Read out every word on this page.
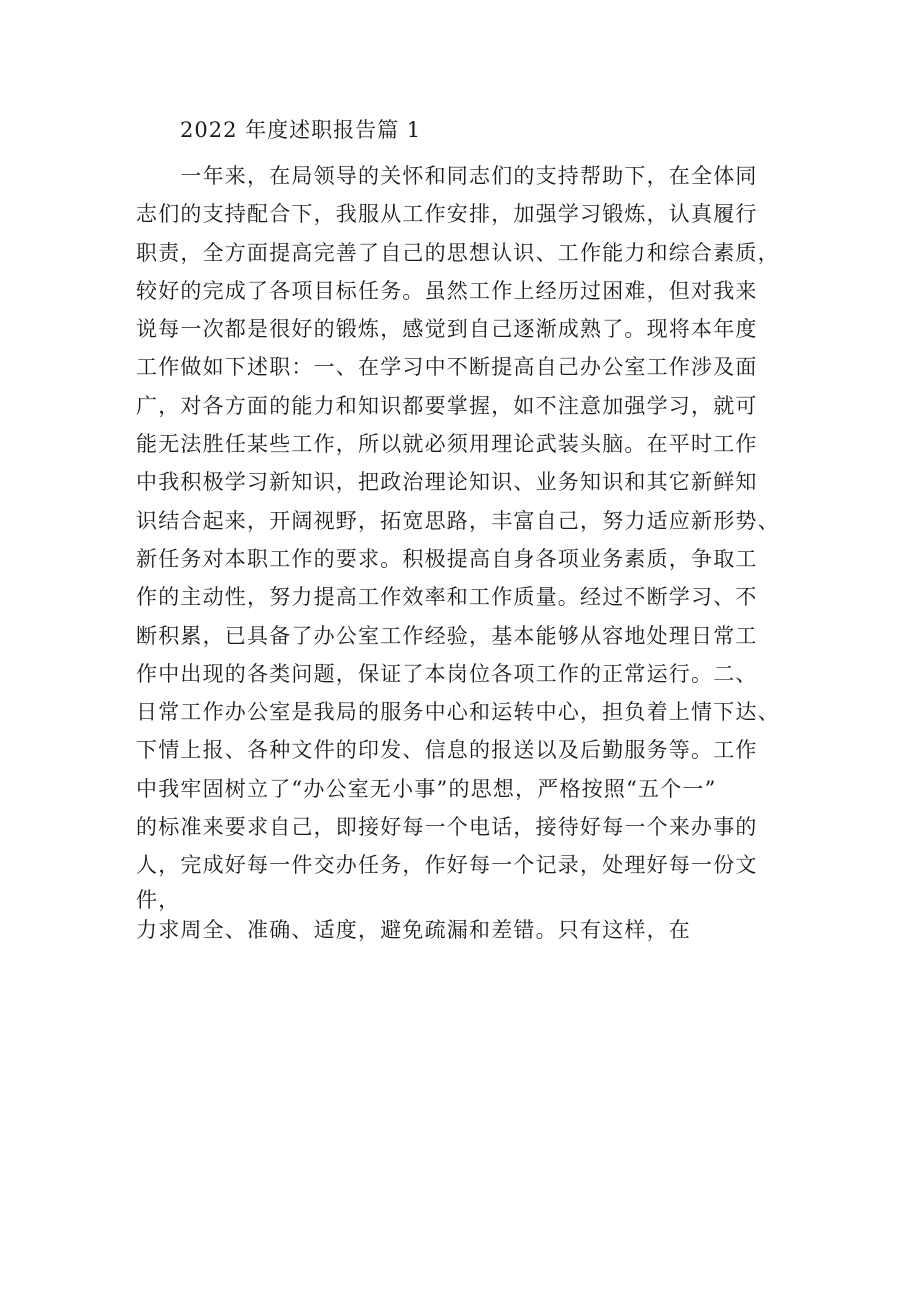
2022 年度述职报告篇 1
　　一年来，在局领导的关怀和同志们的支持帮助下，在全体同
志们的支持配合下，我服从工作安排，加强学习锻炼，认真履行
职责，全方面提高完善了自己的思想认识、工作能力和综合素质，
较好的完成了各项目标任务。虽然工作上经历过困难，但对我来
说每一次都是很好的锻炼，感觉到自己逐渐成熟了。现将本年度
工作做如下述职：一、在学习中不断提高自己办公室工作涉及面
广，对各方面的能力和知识都要掌握，如不注意加强学习，就可
能无法胜任某些工作，所以就必须用理论武装头脑。在平时工作
中我积极学习新知识，把政治理论知识、业务知识和其它新鲜知
识结合起来，开阔视野，拓宽思路，丰富自己，努力适应新形势、
新任务对本职工作的要求。积极提高自身各项业务素质，争取工
作的主动性，努力提高工作效率和工作质量。经过不断学习、不
断积累，已具备了办公室工作经验，基本能够从容地处理日常工
作中出现的各类问题，保证了本岗位各项工作的正常运行。二、
日常工作办公室是我局的服务中心和运转中心，担负着上情下达、
下情上报、各种文件的印发、信息的报送以及后勤服务等。工作
中我牢固树立了“办公室无小事”的思想，严格按照“五个一”
的标准来要求自己，即接好每一个电话，接待好每一个来办事的
人，完成好每一件交办任务，作好每一个记录，处理好每一份文
件，
力求周全、准确、适度，避免疏漏和差错。只有这样，在
